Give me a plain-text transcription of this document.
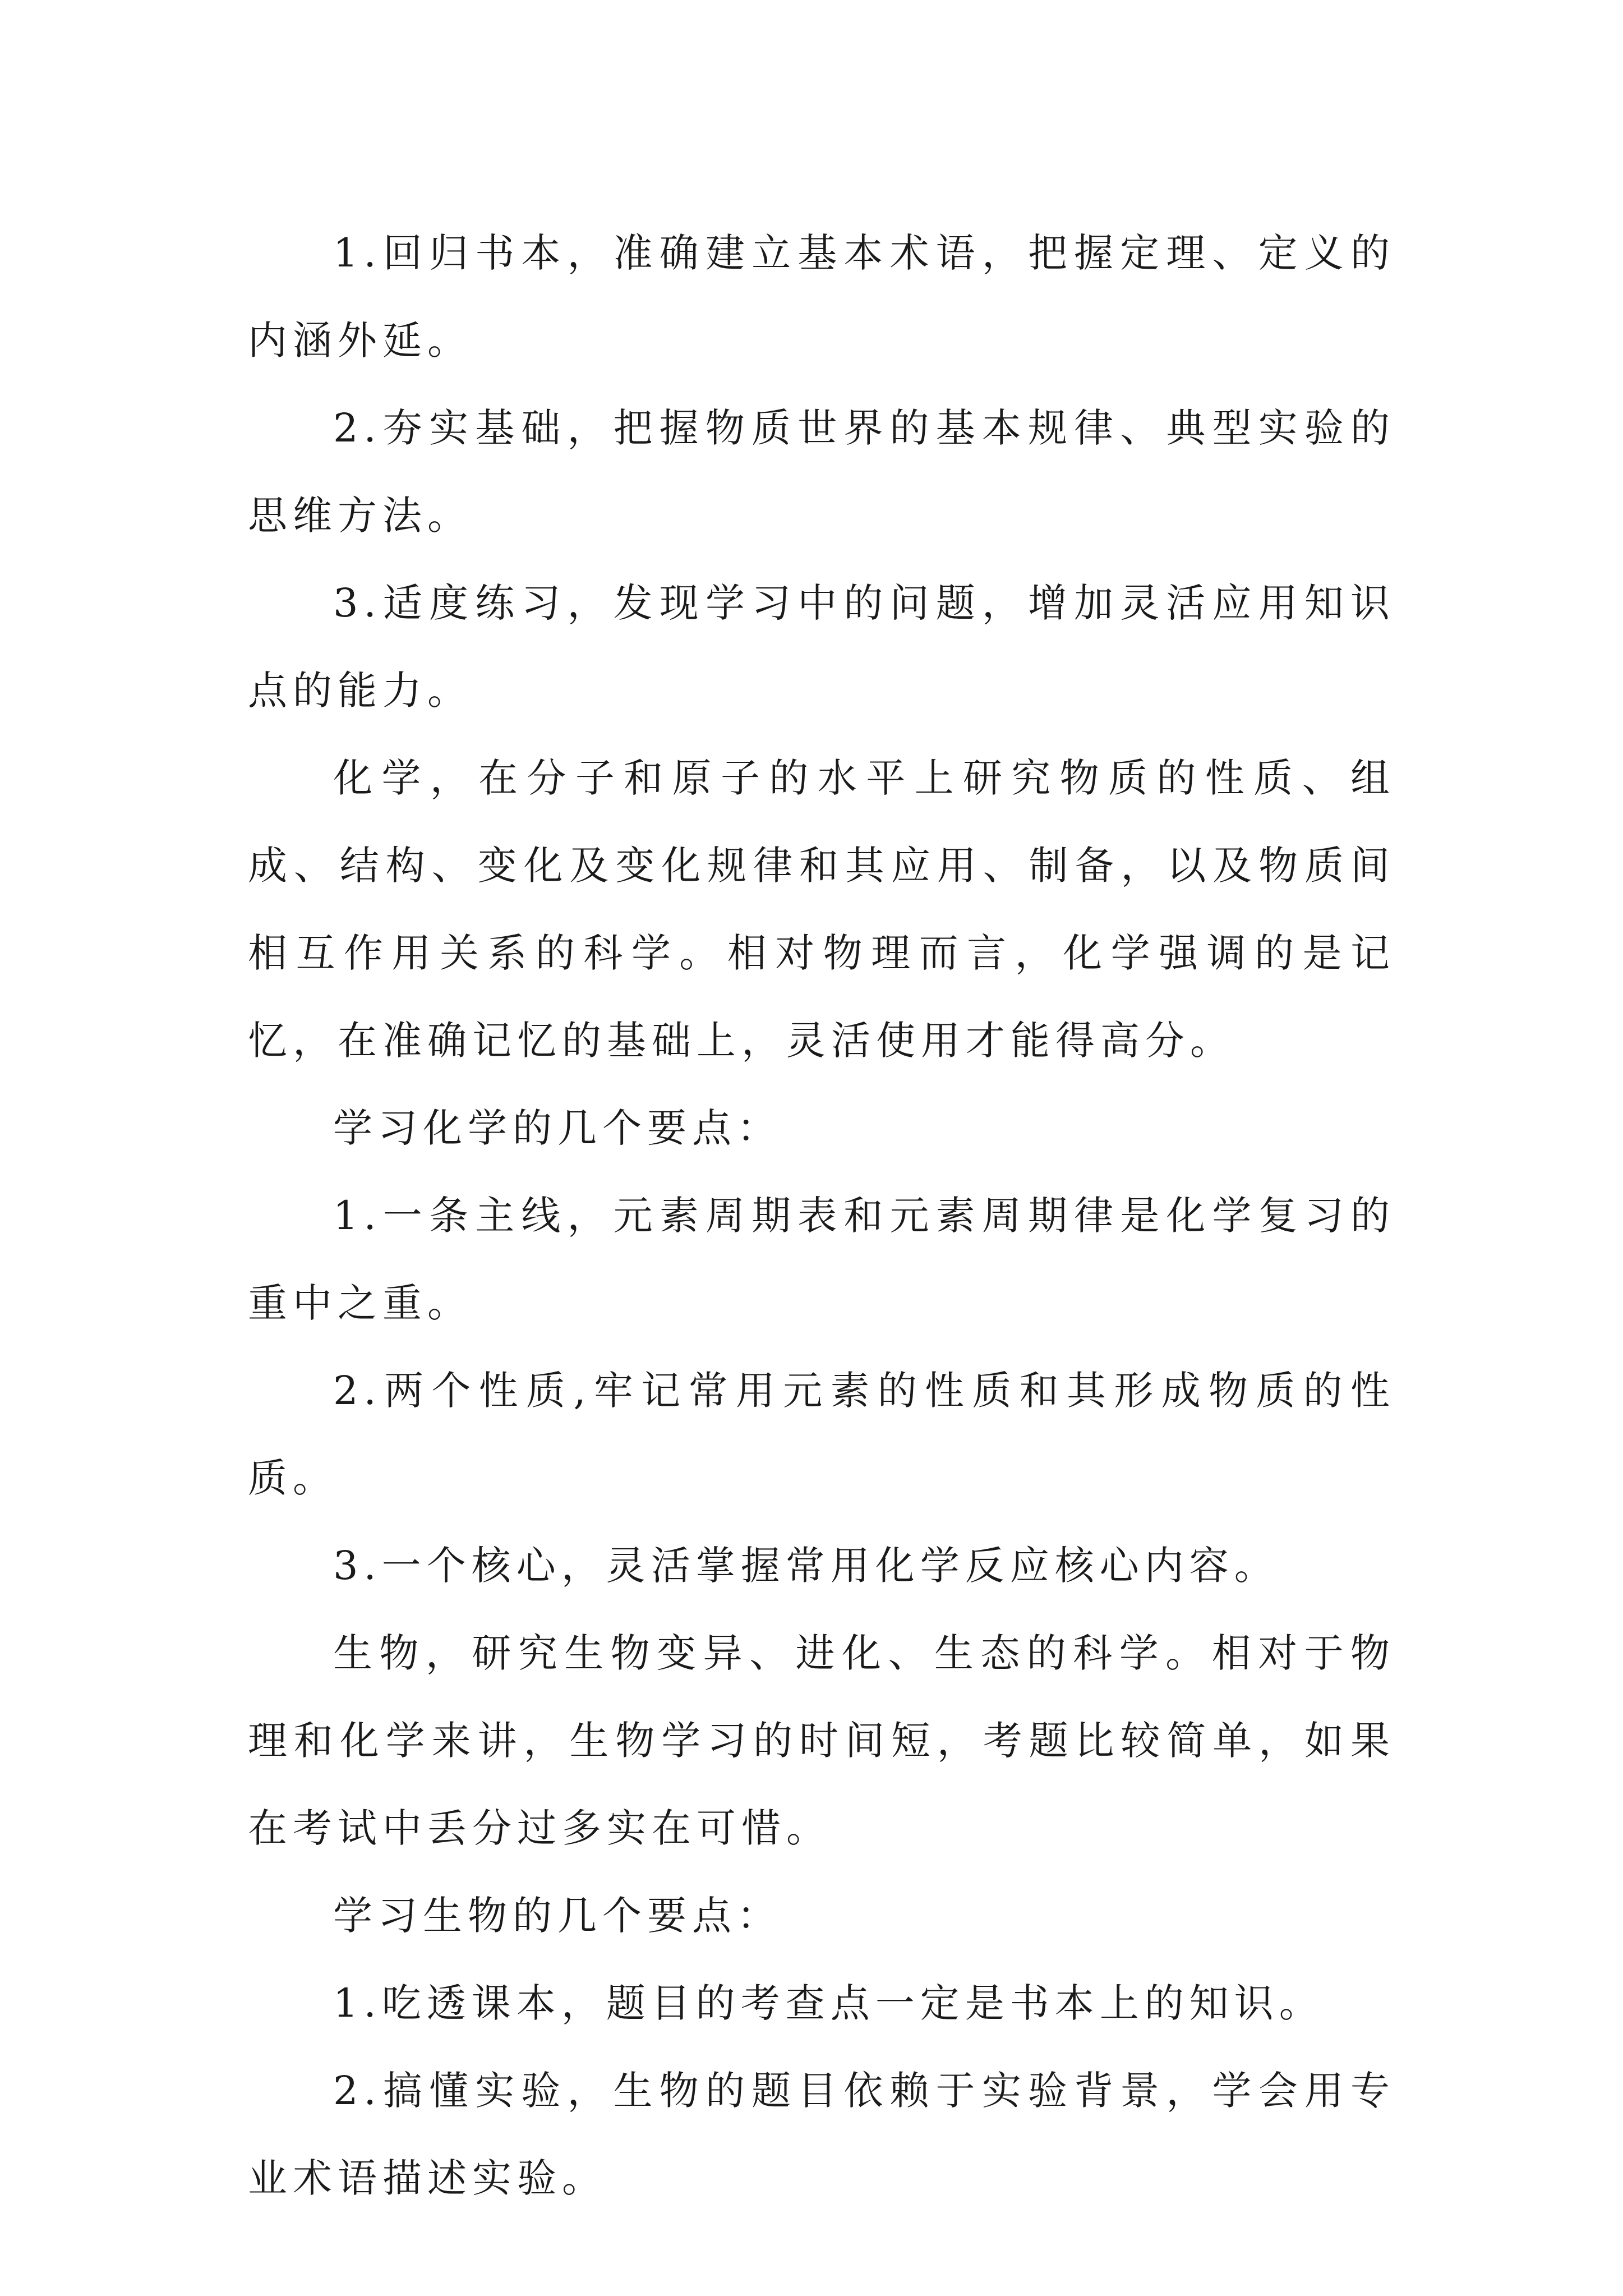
1.回归书本，准确建立基本术语，把握定理、定义的内涵外延。

2.夯实基础，把握物质世界的基本规律、典型实验的思维方法。

3.适度练习，发现学习中的问题，增加灵活应用知识点的能力。

化学，在分子和原子的水平上研究物质的性质、组成、结构、变化及变化规律和其应用、制备，以及物质间相互作用关系的科学。相对物理而言，化学强调的是记忆，在准确记忆的基础上，灵活使用才能得高分。

学习化学的几个要点：

1.一条主线，元素周期表和元素周期律是化学复习的重中之重。

2.两个性质,牢记常用元素的性质和其形成物质的性质。

3.一个核心，灵活掌握常用化学反应核心内容。

生物，研究生物变异、进化、生态的科学。相对于物理和化学来讲，生物学习的时间短，考题比较简单，如果在考试中丢分过多实在可惜。

学习生物的几个要点：

1.吃透课本，题目的考查点一定是书本上的知识。

2.搞懂实验，生物的题目依赖于实验背景，学会用专业术语描述实验。
